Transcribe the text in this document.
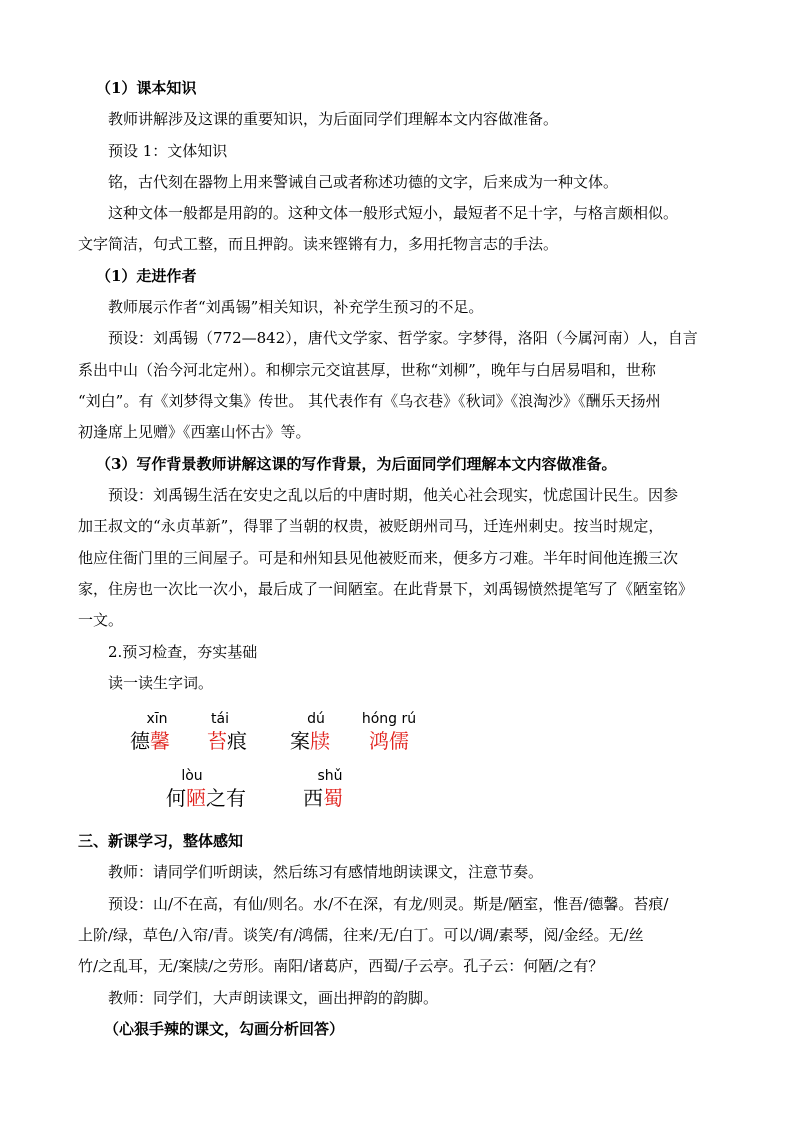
（1）课本知识
教师讲解涉及这课的重要知识，为后面同学们理解本文内容做准备。
预设 1：文体知识
铭，古代刻在器物上用来警诫自己或者称述功德的文字，后来成为一种文体。
这种文体一般都是用韵的。这种文体一般形式短小，最短者不足十字，与格言颇相似。
文字简洁，句式工整，而且押韵。读来铿锵有力，多用托物言志的手法。
（1）走进作者
教师展示作者“刘禹锡”相关知识，补充学生预习的不足。
预设：刘禹锡（772—842），唐代文学家、哲学家。字梦得，洛阳（今属河南）人，自言
系出中山（治今河北定州）。和柳宗元交谊甚厚，世称“刘柳”，晚年与白居易唱和，世称
“刘白”。有《刘梦得文集》传世。 其代表作有《乌衣巷》《秋词》《浪淘沙》《酬乐天扬州
初逢席上见赠》《西塞山怀古》等。
（3）写作背景教师讲解这课的写作背景，为后面同学们理解本文内容做准备。
预设：刘禹锡生活在安史之乱以后的中唐时期，他关心社会现实，忧虑国计民生。因参
加王叔文的“永贞革新”，得罪了当朝的权贵，被贬朗州司马，迁连州刺史。按当时规定，
他应住衙门里的三间屋子。可是和州知县见他被贬而来，便多方刁难。半年时间他连搬三次
家，住房也一次比一次小，最后成了一间陋室。在此背景下，刘禹锡愤然提笔写了《陋室铭》
一文。
2.预习检查，夯实基础
读一读生字词。
xīn
德馨
tái
苔痕
dú
案牍
hóng rú
鸿儒
lòu
何陋之有
shǔ
西蜀
三、新课学习，整体感知
教师：请同学们听朗读，然后练习有感情地朗读课文，注意节奏。
预设：山/不在高，有仙/则名。水/不在深，有龙/则灵。斯是/陋室，惟吾/德馨。苔痕/
上阶/绿，草色/入帘/青。谈笑/有/鸿儒，往来/无/白丁。可以/调/素琴，阅/金经。无/丝
竹/之乱耳，无/案牍/之劳形。南阳/诸葛庐，西蜀/子云亭。孔子云：何陋/之有？
教师：同学们，大声朗读课文，画出押韵的韵脚。
（心狠手辣的课文，勾画分析回答）
